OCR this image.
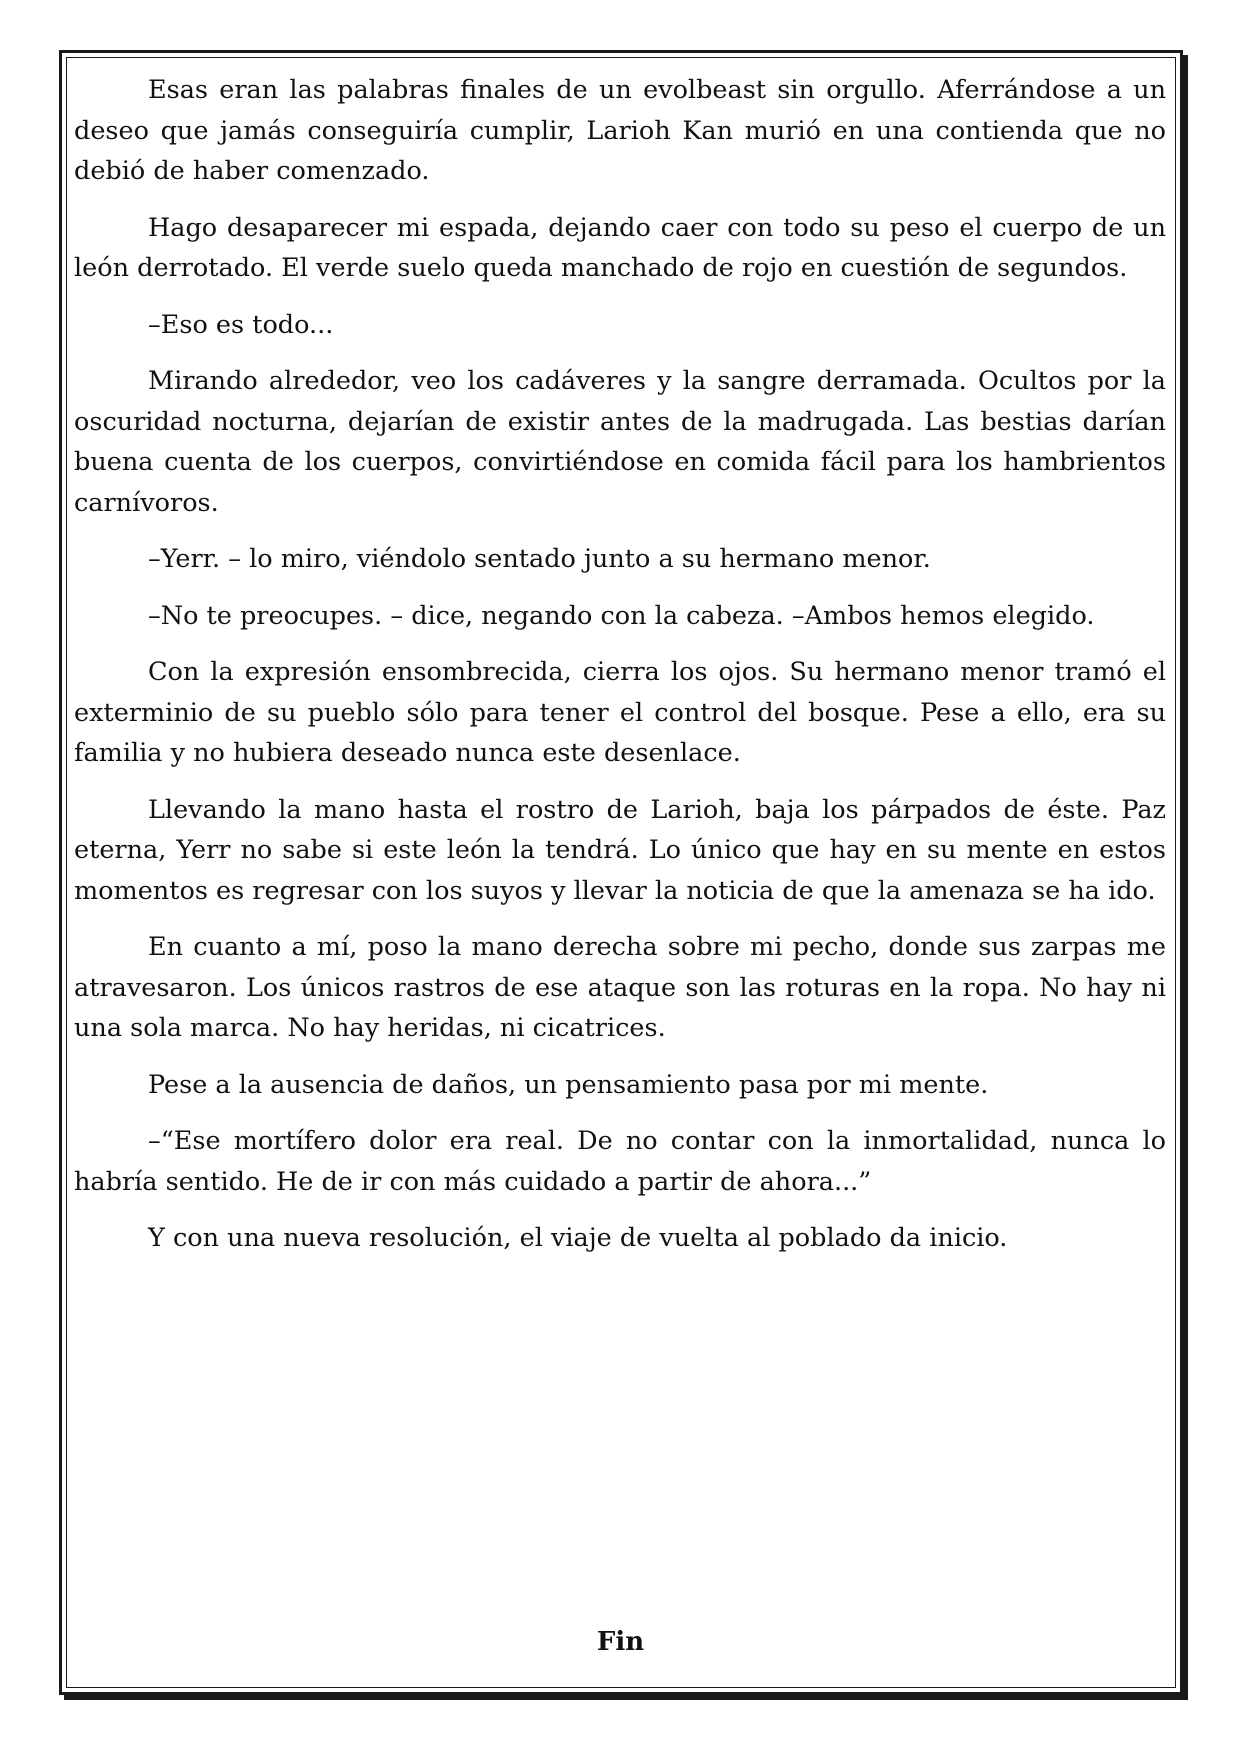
Esas eran las palabras finales de un evolbeast sin orgullo. Aferrándose a un deseo que jamás conseguiría cumplir, Larioh Kan murió en una contienda que no debió de haber comenzado.

Hago desaparecer mi espada, dejando caer con todo su peso el cuerpo de un león derrotado. El verde suelo queda manchado de rojo en cuestión de segundos.

–Eso es todo...

Mirando alrededor, veo los cadáveres y la sangre derramada. Ocultos por la oscuridad nocturna, dejarían de existir antes de la madrugada. Las bestias darían buena cuenta de los cuerpos, convirtiéndose en comida fácil para los hambrientos carnívoros.

–Yerr. – lo miro, viéndolo sentado junto a su hermano menor.

–No te preocupes. – dice, negando con la cabeza. –Ambos hemos elegido.

Con la expresión ensombrecida, cierra los ojos. Su hermano menor tramó el exterminio de su pueblo sólo para tener el control del bosque. Pese a ello, era su familia y no hubiera deseado nunca este desenlace.

Llevando la mano hasta el rostro de Larioh, baja los párpados de éste. Paz eterna, Yerr no sabe si este león la tendrá. Lo único que hay en su mente en estos momentos es regresar con los suyos y llevar la noticia de que la amenaza se ha ido.

En cuanto a mí, poso la mano derecha sobre mi pecho, donde sus zarpas me atravesaron. Los únicos rastros de ese ataque son las roturas en la ropa. No hay ni una sola marca. No hay heridas, ni cicatrices.

Pese a la ausencia de daños, un pensamiento pasa por mi mente.

–“Ese mortífero dolor era real. De no contar con la inmortalidad, nunca lo habría sentido. He de ir con más cuidado a partir de ahora...”

Y con una nueva resolución, el viaje de vuelta al poblado da inicio.

Fin
